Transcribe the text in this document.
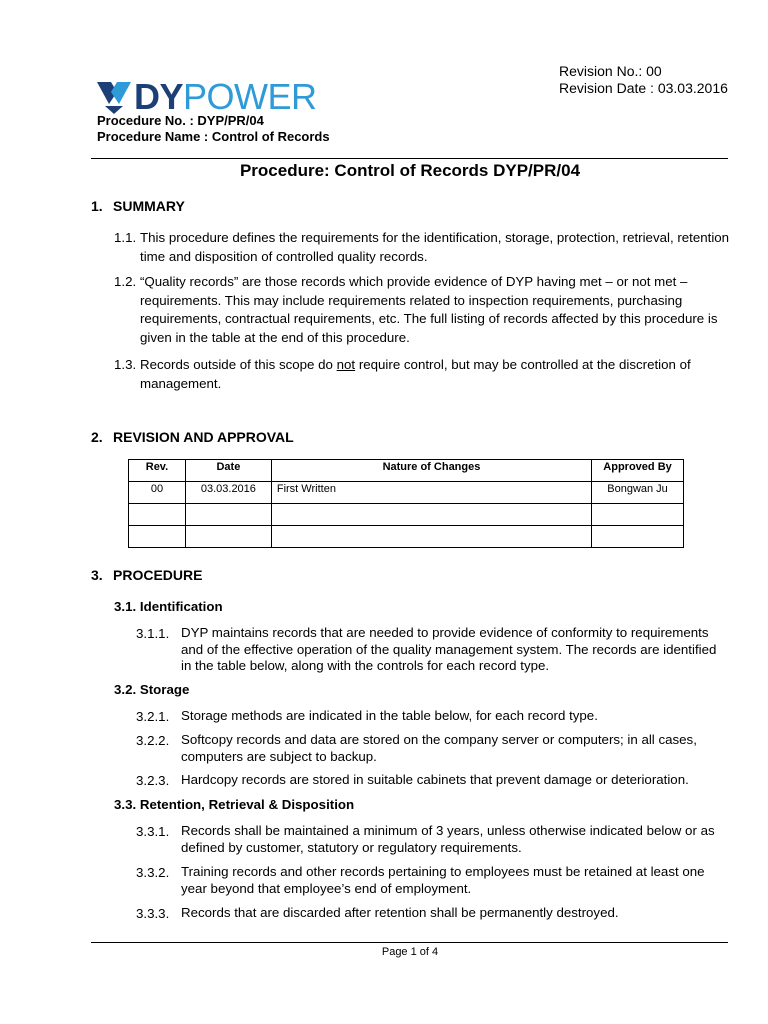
DYPOWER
Procedure No. : DYP/PR/04
Procedure Name : Control of Records
Revision No.: 00
Revision Date : 03.03.2016
Procedure: Control of Records DYP/PR/04
1. SUMMARY
1.1. This procedure defines the requirements for the identification, storage, protection, retrieval, retention time and disposition of controlled quality records.
1.2. “Quality records” are those records which provide evidence of DYP having met – or not met – requirements. This may include requirements related to inspection requirements, purchasing requirements, contractual requirements, etc. The full listing of records affected by this procedure is given in the table at the end of this procedure.
1.3. Records outside of this scope do not require control, but may be controlled at the discretion of management.
2. REVISION AND APPROVAL
Rev.	Date	Nature of Changes	Approved By
00	03.03.2016	First Written	Bongwan Ju

3. PROCEDURE
3.1. Identification
3.1.1. DYP maintains records that are needed to provide evidence of conformity to requirements and of the effective operation of the quality management system. The records are identified in the table below, along with the controls for each record type.
3.2. Storage
3.2.1. Storage methods are indicated in the table below, for each record type.
3.2.2. Softcopy records and data are stored on the company server or computers; in all cases, computers are subject to backup.
3.2.3. Hardcopy records are stored in suitable cabinets that prevent damage or deterioration.
3.3. Retention, Retrieval & Disposition
3.3.1. Records shall be maintained a minimum of 3 years, unless otherwise indicated below or as defined by customer, statutory or regulatory requirements.
3.3.2. Training records and other records pertaining to employees must be retained at least one year beyond that employee’s end of employment.
3.3.3. Records that are discarded after retention shall be permanently destroyed.
Page 1 of 4
